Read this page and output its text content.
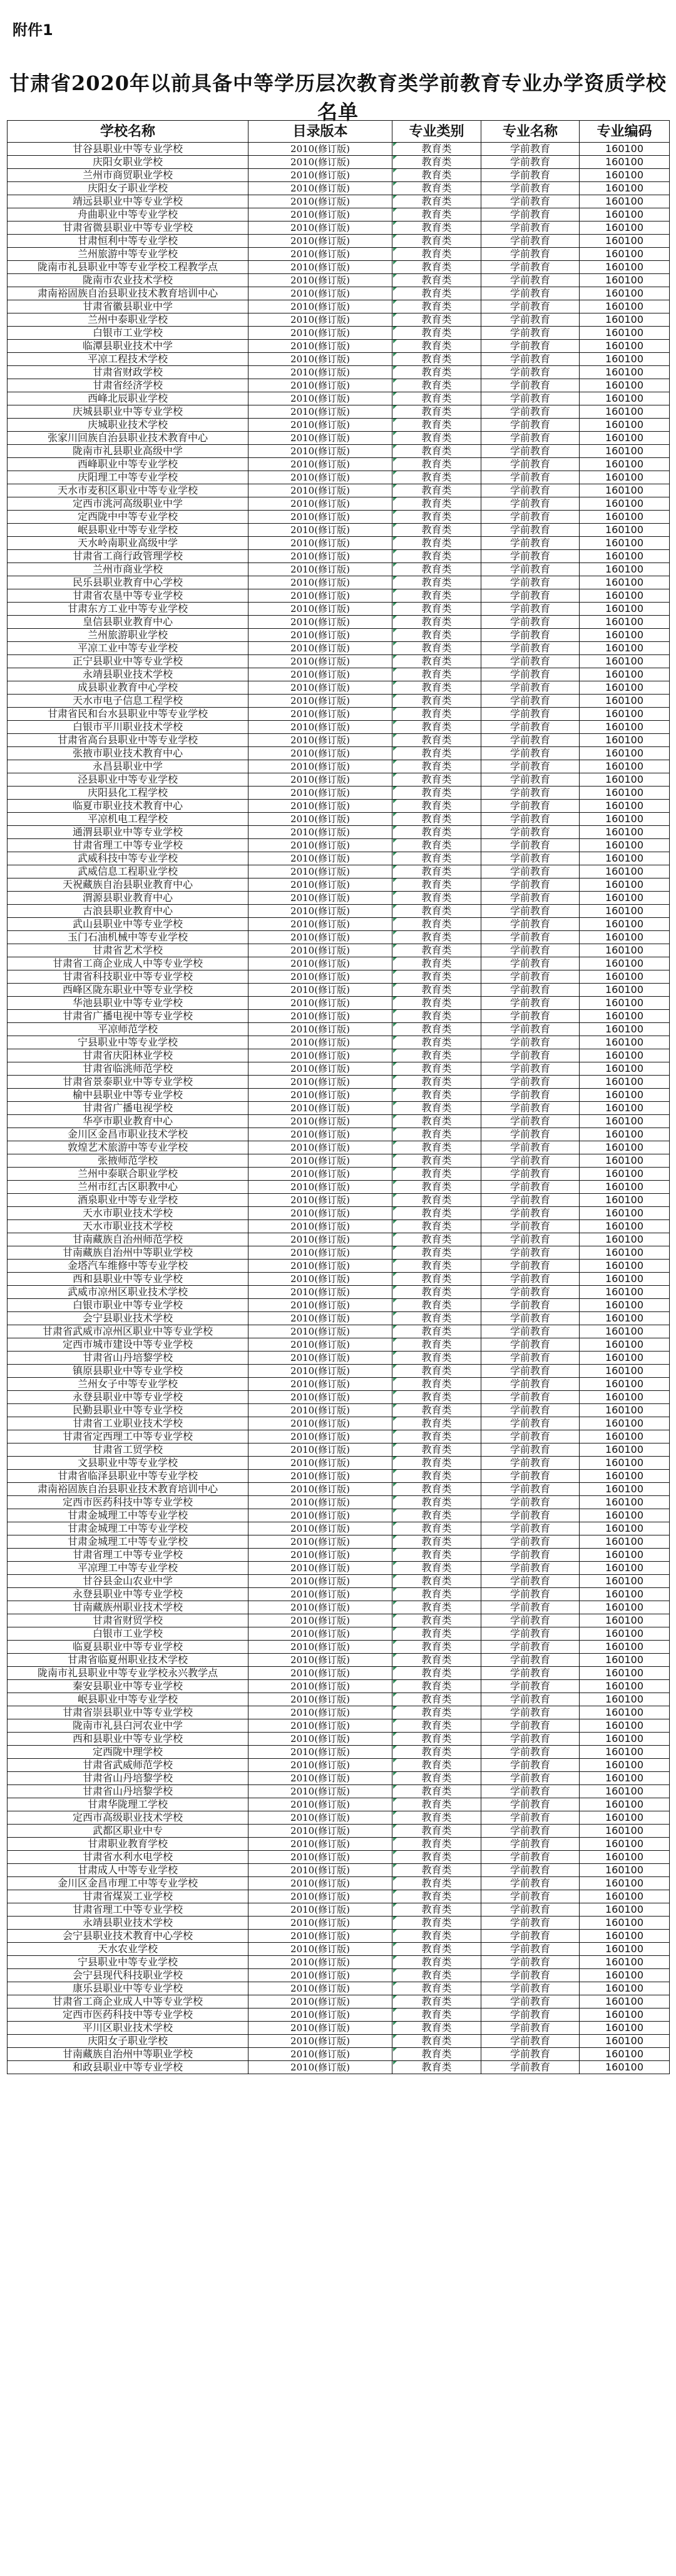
附件1
甘肃省2020年以前具备中等学历层次教育类学前教育专业办学资质学校名单
学校名称	目录版本	专业类别	专业名称	专业编码
甘谷县职业中等专业学校	2010(修订版)	教育类	学前教育	160100
庆阳女职业学校	2010(修订版)	教育类	学前教育	160100
兰州市商贸职业学校	2010(修订版)	教育类	学前教育	160100
庆阳女子职业学校	2010(修订版)	教育类	学前教育	160100
靖远县职业中等专业学校	2010(修订版)	教育类	学前教育	160100
舟曲职业中等专业学校	2010(修订版)	教育类	学前教育	160100
甘肃省微县职业中等专业学校	2010(修订版)	教育类	学前教育	160100
甘肃恒利中等专业学校	2010(修订版)	教育类	学前教育	160100
兰州旅游中等专业学校	2010(修订版)	教育类	学前教育	160100
陇南市礼县职业中等专业学校工程教学点	2010(修订版)	教育类	学前教育	160100
陇南市农业技术学校	2010(修订版)	教育类	学前教育	160100
肃南裕固族自治县职业技术教育培训中心	2010(修订版)	教育类	学前教育	160100
甘肃省徽县职业中学	2010(修订版)	教育类	学前教育	160100
兰州中泰职业学校	2010(修订版)	教育类	学前教育	160100
白银市工业学校	2010(修订版)	教育类	学前教育	160100
临潭县职业技术中学	2010(修订版)	教育类	学前教育	160100
平凉工程技术学校	2010(修订版)	教育类	学前教育	160100
甘肃省财政学校	2010(修订版)	教育类	学前教育	160100
甘肃省经济学校	2010(修订版)	教育类	学前教育	160100
西峰北辰职业学校	2010(修订版)	教育类	学前教育	160100
庆城县职业中等专业学校	2010(修订版)	教育类	学前教育	160100
庆城职业技术学校	2010(修订版)	教育类	学前教育	160100
张家川回族自治县职业技术教育中心	2010(修订版)	教育类	学前教育	160100
陇南市礼县职业高级中学	2010(修订版)	教育类	学前教育	160100
西峰职业中等专业学校	2010(修订版)	教育类	学前教育	160100
庆阳理工中等专业学校	2010(修订版)	教育类	学前教育	160100
天水市麦积区职业中等专业学校	2010(修订版)	教育类	学前教育	160100
定西市洮河高级职业中学	2010(修订版)	教育类	学前教育	160100
定西陇中中等专业学校	2010(修订版)	教育类	学前教育	160100
岷县职业中等专业学校	2010(修订版)	教育类	学前教育	160100
天水岭南职业高级中学	2010(修订版)	教育类	学前教育	160100
甘肃省工商行政管理学校	2010(修订版)	教育类	学前教育	160100
兰州市商业学校	2010(修订版)	教育类	学前教育	160100
民乐县职业教育中心学校	2010(修订版)	教育类	学前教育	160100
甘肃省农垦中等专业学校	2010(修订版)	教育类	学前教育	160100
甘肃东方工业中等专业学校	2010(修订版)	教育类	学前教育	160100
皇信县职业教育中心	2010(修订版)	教育类	学前教育	160100
兰州旅游职业学校	2010(修订版)	教育类	学前教育	160100
平凉工业中等专业学校	2010(修订版)	教育类	学前教育	160100
正宁县职业中等专业学校	2010(修订版)	教育类	学前教育	160100
永靖县职业技术学校	2010(修订版)	教育类	学前教育	160100
成县职业教育中心学校	2010(修订版)	教育类	学前教育	160100
天水市电子信息工程学校	2010(修订版)	教育类	学前教育	160100
甘肃省民和台水县职业中等专业学校	2010(修订版)	教育类	学前教育	160100
白银市平川职业技术学校	2010(修订版)	教育类	学前教育	160100
甘肃省高台县职业中等专业学校	2010(修订版)	教育类	学前教育	160100
张掖市职业技术教育中心	2010(修订版)	教育类	学前教育	160100
永昌县职业中学	2010(修订版)	教育类	学前教育	160100
泾县职业中等专业学校	2010(修订版)	教育类	学前教育	160100
庆阳县化工程学校	2010(修订版)	教育类	学前教育	160100
临夏市职业技术教育中心	2010(修订版)	教育类	学前教育	160100
平凉机电工程学校	2010(修订版)	教育类	学前教育	160100
通渭县职业中等专业学校	2010(修订版)	教育类	学前教育	160100
甘肃省理工中等专业学校	2010(修订版)	教育类	学前教育	160100
武威科技中等专业学校	2010(修订版)	教育类	学前教育	160100
武威信息工程职业学校	2010(修订版)	教育类	学前教育	160100
天祝藏族自治县职业教育中心	2010(修订版)	教育类	学前教育	160100
渭源县职业教育中心	2010(修订版)	教育类	学前教育	160100
古浪县职业教育中心	2010(修订版)	教育类	学前教育	160100
武山县职业中等专业学校	2010(修订版)	教育类	学前教育	160100
玉门石油机械中等专业学校	2010(修订版)	教育类	学前教育	160100
甘肃省艺术学校	2010(修订版)	教育类	学前教育	160100
甘肃省工商企业成人中等专业学校	2010(修订版)	教育类	学前教育	160100
甘肃省科技职业中等专业学校	2010(修订版)	教育类	学前教育	160100
西峰区陇东职业中等专业学校	2010(修订版)	教育类	学前教育	160100
华池县职业中等专业学校	2010(修订版)	教育类	学前教育	160100
甘肃省广播电视中等专业学校	2010(修订版)	教育类	学前教育	160100
平凉师范学校	2010(修订版)	教育类	学前教育	160100
宁县职业中等专业学校	2010(修订版)	教育类	学前教育	160100
甘肃省庆阳林业学校	2010(修订版)	教育类	学前教育	160100
甘肃省临洮师范学校	2010(修订版)	教育类	学前教育	160100
甘肃省景泰职业中等专业学校	2010(修订版)	教育类	学前教育	160100
榆中县职业中等专业学校	2010(修订版)	教育类	学前教育	160100
甘肃省广播电视学校	2010(修订版)	教育类	学前教育	160100
华亭市职业教育中心	2010(修订版)	教育类	学前教育	160100
金川区金昌市职业技术学校	2010(修订版)	教育类	学前教育	160100
敦煌艺术旅游中等专业学校	2010(修订版)	教育类	学前教育	160100
张掖师范学校	2010(修订版)	教育类	学前教育	160100
兰州中泰联合职业学校	2010(修订版)	教育类	学前教育	160100
兰州市红古区职教中心	2010(修订版)	教育类	学前教育	160100
酒泉职业中等专业学校	2010(修订版)	教育类	学前教育	160100
天水市职业技术学校	2010(修订版)	教育类	学前教育	160100
天水市职业技术学校	2010(修订版)	教育类	学前教育	160100
甘南藏族自治州师范学校	2010(修订版)	教育类	学前教育	160100
甘南藏族自治州中等职业学校	2010(修订版)	教育类	学前教育	160100
金塔汽车维修中等专业学校	2010(修订版)	教育类	学前教育	160100
西和县职业中等专业学校	2010(修订版)	教育类	学前教育	160100
武威市凉州区职业技术学校	2010(修订版)	教育类	学前教育	160100
白银市职业中等专业学校	2010(修订版)	教育类	学前教育	160100
会宁县职业技术学校	2010(修订版)	教育类	学前教育	160100
甘肃省武威市凉州区职业中等专业学校	2010(修订版)	教育类	学前教育	160100
定西市城市建设中等专业学校	2010(修订版)	教育类	学前教育	160100
甘肃省山丹培黎学校	2010(修订版)	教育类	学前教育	160100
镇原县职业中等专业学校	2010(修订版)	教育类	学前教育	160100
兰州女子中等专业学校	2010(修订版)	教育类	学前教育	160100
永登县职业中等专业学校	2010(修订版)	教育类	学前教育	160100
民勤县职业中等专业学校	2010(修订版)	教育类	学前教育	160100
甘肃省工业职业技术学校	2010(修订版)	教育类	学前教育	160100
甘肃省定西理工中等专业学校	2010(修订版)	教育类	学前教育	160100
甘肃省工贸学校	2010(修订版)	教育类	学前教育	160100
文县职业中等专业学校	2010(修订版)	教育类	学前教育	160100
甘肃省临泽县职业中等专业学校	2010(修订版)	教育类	学前教育	160100
肃南裕固族自治县职业技术教育培训中心	2010(修订版)	教育类	学前教育	160100
定西市医药科技中等专业学校	2010(修订版)	教育类	学前教育	160100
甘肃金城理工中等专业学校	2010(修订版)	教育类	学前教育	160100
甘肃金城理工中等专业学校	2010(修订版)	教育类	学前教育	160100
甘肃金城理工中等专业学校	2010(修订版)	教育类	学前教育	160100
甘肃省理工中等专业学校	2010(修订版)	教育类	学前教育	160100
平凉理工中等专业学校	2010(修订版)	教育类	学前教育	160100
甘谷县金山农业中学	2010(修订版)	教育类	学前教育	160100
永登县职业中等专业学校	2010(修订版)	教育类	学前教育	160100
甘南藏族州职业技术学校	2010(修订版)	教育类	学前教育	160100
甘肃省财贸学校	2010(修订版)	教育类	学前教育	160100
白银市工业学校	2010(修订版)	教育类	学前教育	160100
临夏县职业中等专业学校	2010(修订版)	教育类	学前教育	160100
甘肃省临夏州职业技术学校	2010(修订版)	教育类	学前教育	160100
陇南市礼县职业中等专业学校永兴教学点	2010(修订版)	教育类	学前教育	160100
秦安县职业中等专业学校	2010(修订版)	教育类	学前教育	160100
岷县职业中等专业学校	2010(修订版)	教育类	学前教育	160100
甘肃省崇县职业中等专业学校	2010(修订版)	教育类	学前教育	160100
陇南市礼县白河农业中学	2010(修订版)	教育类	学前教育	160100
西和县职业中等专业学校	2010(修订版)	教育类	学前教育	160100
定西陇中理学校	2010(修订版)	教育类	学前教育	160100
甘肃省武威师范学校	2010(修订版)	教育类	学前教育	160100
甘肃省山丹培黎学校	2010(修订版)	教育类	学前教育	160100
甘肃省山丹培黎学校	2010(修订版)	教育类	学前教育	160100
甘肃华陇理工学校	2010(修订版)	教育类	学前教育	160100
定西市高级职业技术学校	2010(修订版)	教育类	学前教育	160100
武都区职业中专	2010(修订版)	教育类	学前教育	160100
甘肃职业教育学校	2010(修订版)	教育类	学前教育	160100
甘肃省水利水电学校	2010(修订版)	教育类	学前教育	160100
甘肃成人中等专业学校	2010(修订版)	教育类	学前教育	160100
金川区金昌市理工中等专业学校	2010(修订版)	教育类	学前教育	160100
甘肃省煤炭工业学校	2010(修订版)	教育类	学前教育	160100
甘肃省理工中等专业学校	2010(修订版)	教育类	学前教育	160100
永靖县职业技术学校	2010(修订版)	教育类	学前教育	160100
会宁县职业技术教育中心学校	2010(修订版)	教育类	学前教育	160100
天水农业学校	2010(修订版)	教育类	学前教育	160100
宁县职业中等专业学校	2010(修订版)	教育类	学前教育	160100
会宁县现代科技职业学校	2010(修订版)	教育类	学前教育	160100
康乐县职业中等专业学校	2010(修订版)	教育类	学前教育	160100
甘肃省工商企业成人中等专业学校	2010(修订版)	教育类	学前教育	160100
定西市医药科技中等专业学校	2010(修订版)	教育类	学前教育	160100
平川区职业技术学校	2010(修订版)	教育类	学前教育	160100
庆阳女子职业学校	2010(修订版)	教育类	学前教育	160100
甘南藏族自治州中等职业学校	2010(修订版)	教育类	学前教育	160100
和政县职业中等专业学校	2010(修订版)	教育类	学前教育	160100
